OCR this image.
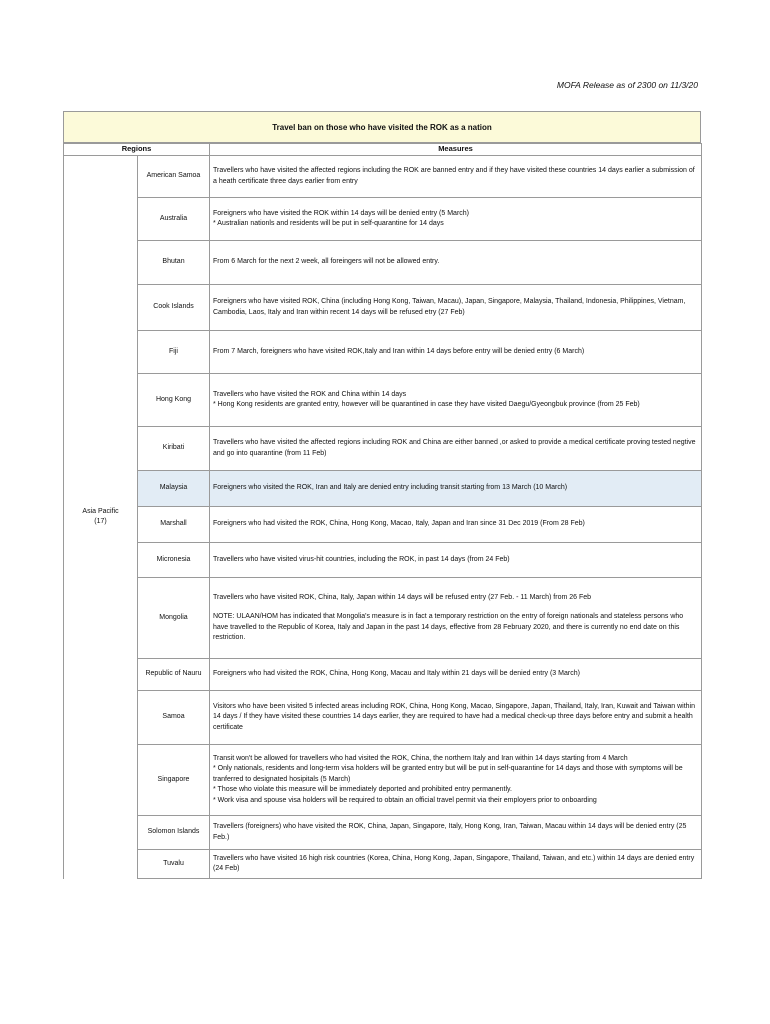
MOFA Release as of 2300 on 11/3/20
Travel ban on those who have visited the ROK as a nation
Regions		Measures

Asia Pacific
(17)	American Samoa	Travellers who have visited the affected regions including the ROK are banned entry and if they have visited these countries 14 days earlier a submission of a heath certificate three days earlier from entry

	Australia	Foreigners who have visited the ROK within 14 days will be denied entry (5 March)
* Australian nationls and residents will be put in self-quarantine for 14 days

	Bhutan	From 6 March for the next 2 week, all foreingers will not be allowed entry.

	Cook Islands	Foreigners who have visited ROK, China (including Hong Kong, Taiwan, Macau), Japan, Singapore, Malaysia, Thailand, Indonesia, Philippines, Vietnam, Cambodia, Laos, Italy and Iran within recent 14 days will be refused etry (27 Feb)

	Fiji	From 7 March, foreigners who have visited ROK,Italy and Iran within 14 days before entry will be denied entry (6 March)

	Hong Kong	Travellers who have visited the ROK and China within 14 days
* Hong Kong residents are granted entry, however will be quarantined in case they have visited Daegu/Gyeongbuk province (from 25 Feb)

	Kiribati	Travellers who have visited the affected regions including ROK and China are either banned ,or asked to provide a medical certificate proving tested negtive and go into quarantine (from 11 Feb)

	Malaysia	Foreigners who visited the ROK, Iran and Italy are denied entry including transit starting from 13 March (10 March)

	Marshall	Foreigners who had visited the ROK, China, Hong Kong, Macao, Italy, Japan and Iran since 31 Dec 2019 (From 28 Feb)

	Micronesia	Travellers who have visited virus-hit countries, including the ROK, in past 14 days (from 24 Feb)

	Mongolia	Travellers who have visited ROK, China, Italy, Japan within 14 days will be refused entry (27 Feb. - 11 March) from 26 Feb

NOTE: ULAAN/HOM has indicated that Mongolia's measure is in fact a temporary restriction on the entry of foreign nationals and stateless persons who have travelled to the Republic of Korea, Italy and Japan in the past 14 days, effective from 28 February 2020, and there is currently no end date on this restriction.

	Republic of Nauru	Foreigners who had visited the ROK, China, Hong Kong, Macau and Italy within 21 days will be denied entry (3 March)

	Samoa	Visitors who have been visited 5 infected areas including ROK, China, Hong Kong, Macao, Singapore, Japan, Thailand, Italy, Iran, Kuwait and Taiwan within 14 days / If they have visited these countries 14 days earlier, they are required to have had a medical check-up three days before entry and submit a health certificate

	Singapore	Transit won't be allowed for travellers who had visited the ROK, China, the northern Italy and Iran within 14 days starting from 4 March
* Only nationals, residents and long-term visa holders will be granted entry but will be put in self-quarantine for 14 days and those with symptoms will be tranferred to designated hosipitals (5 March)
* Those who violate this measure will be immediately deported and prohibited entry permanently.
* Work visa and spouse visa holders will be required to obtain an official travel permit via their employers prior to onboarding

	Solomon Islands	Travellers (foreigners) who have visited the ROK, China, Japan, Singapore, Italy, Hong Kong, Iran, Taiwan, Macau within 14 days will be denied entry (25 Feb.)

	Tuvalu	Travellers who have visited 16 high risk countries (Korea, China, Hong Kong, Japan, Singapore, Thailand, Taiwan, and etc.) within 14 days are denied entry (24 Feb)
